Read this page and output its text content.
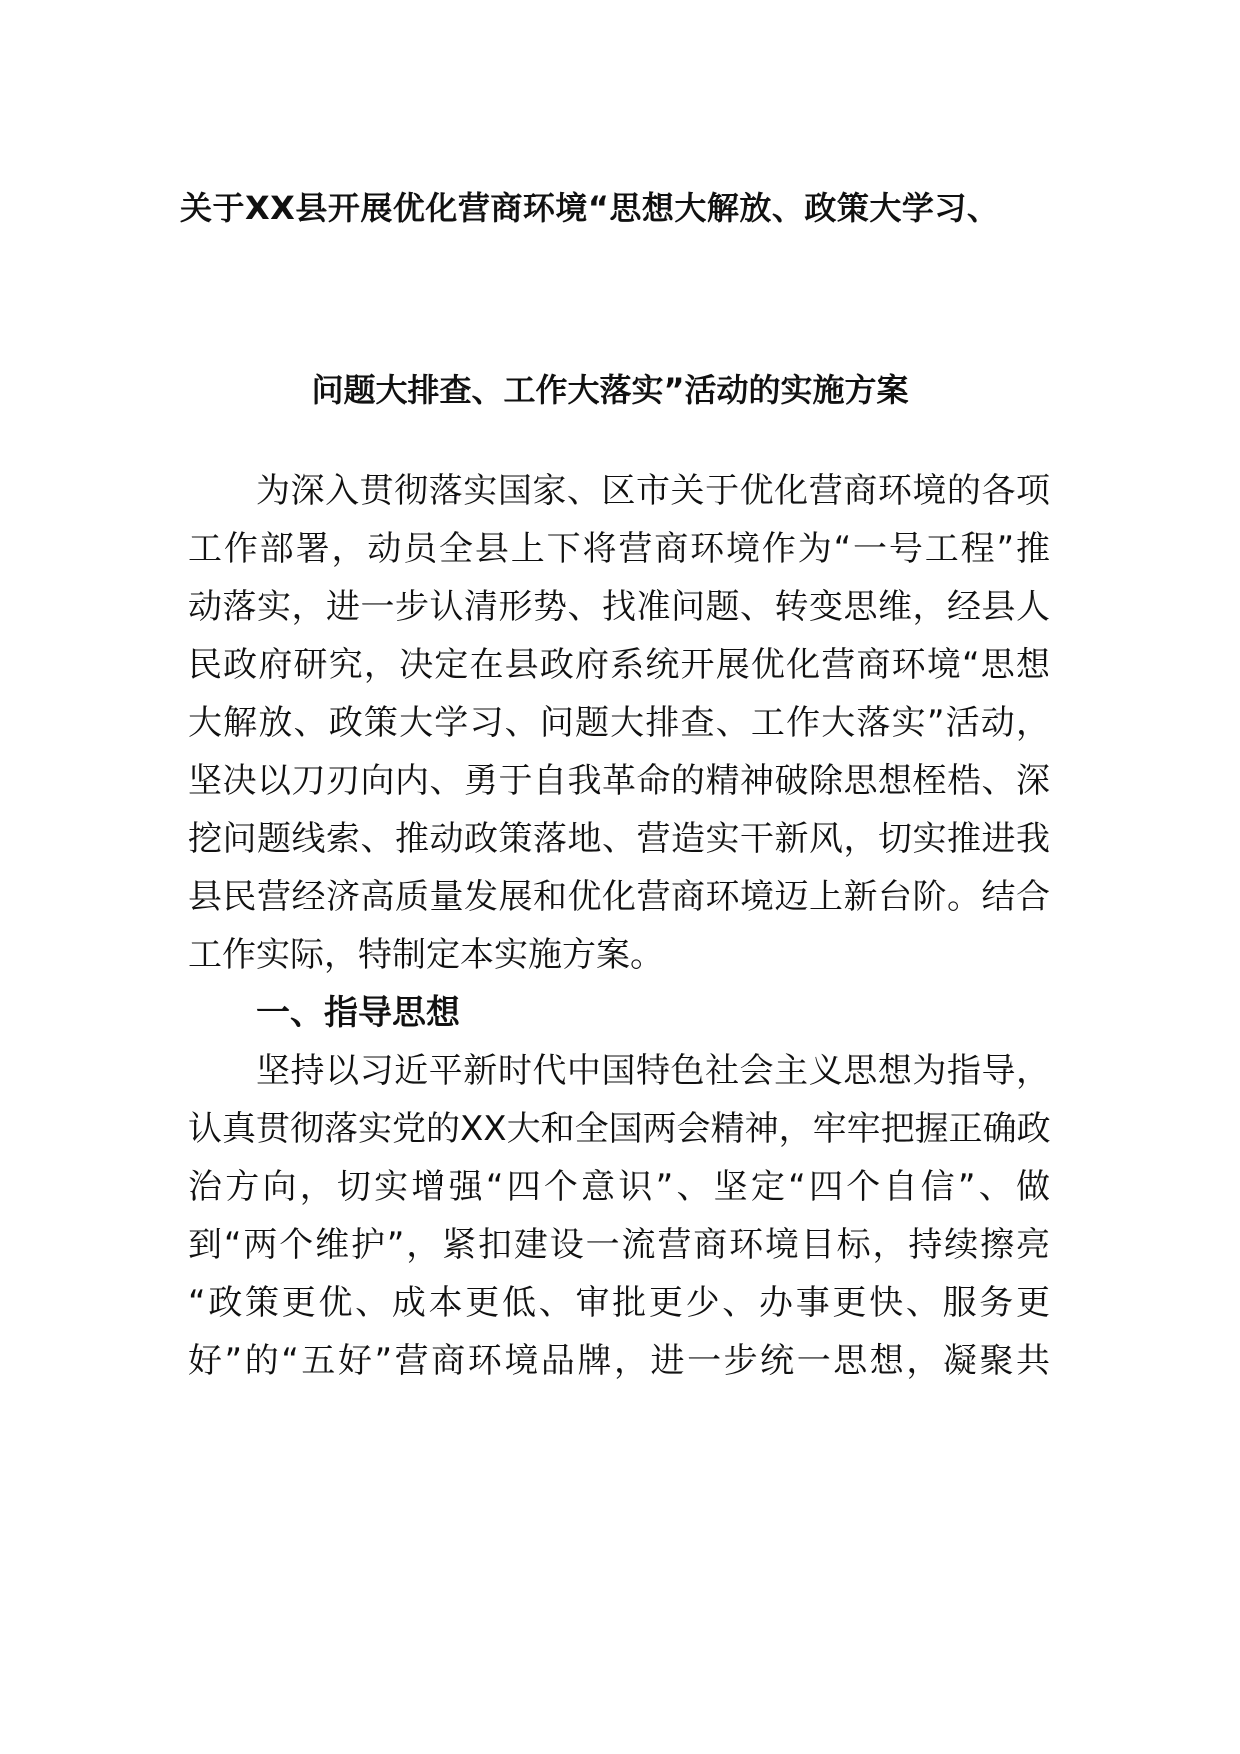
关于XX县开展优化营商环境“思想大解放、政策大学习、
问题大排查、工作大落实”活动的实施方案
为深入贯彻落实国家、区市关于优化营商环境的各项
工作部署，动员全县上下将营商环境作为“一号工程”推
动落实，进一步认清形势、找准问题、转变思维，经县人
民政府研究，决定在县政府系统开展优化营商环境“思想
大解放、政策大学习、问题大排查、工作大落实”活动，
坚决以刀刃向内、勇于自我革命的精神破除思想桎梏、深
挖问题线索、推动政策落地、营造实干新风，切实推进我
县民营经济高质量发展和优化营商环境迈上新台阶。结合
工作实际，特制定本实施方案。
一、指导思想
坚持以习近平新时代中国特色社会主义思想为指导，
认真贯彻落实党的XX大和全国两会精神，牢牢把握正确政
治方向，切实增强“四个意识”、坚定“四个自信”、做
到“两个维护”，紧扣建设一流营商环境目标，持续擦亮
“政策更优、成本更低、审批更少、办事更快、服务更
好”的“五好”营商环境品牌，进一步统一思想，凝聚共
